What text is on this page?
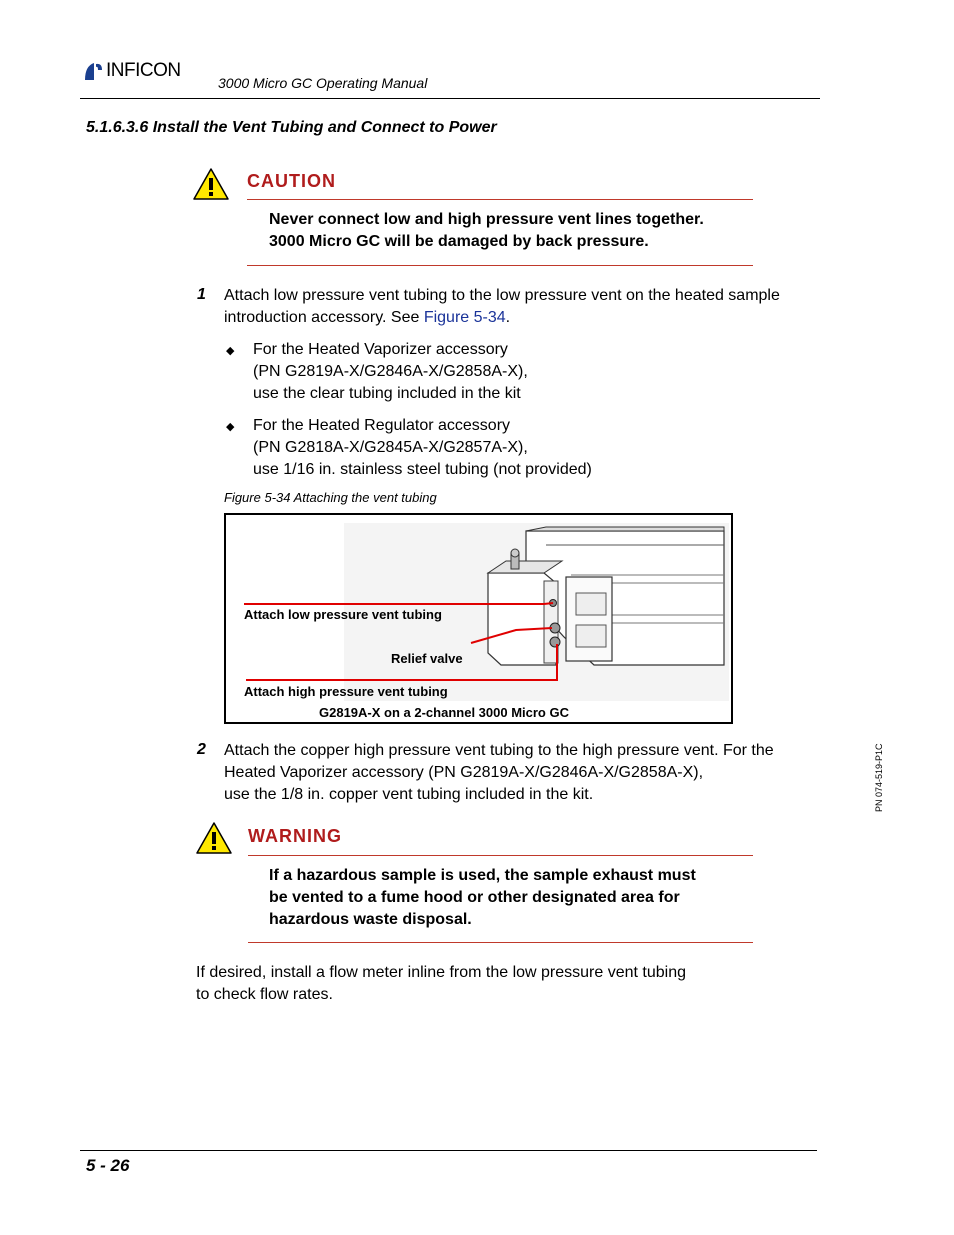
INFICON
3000 Micro GC Operating Manual
5.1.6.3.6 Install the Vent Tubing and Connect to Power
CAUTION
Never connect low and high pressure vent lines together.
3000 Micro GC will be damaged by back pressure.
1 Attach low pressure vent tubing to the low pressure vent on the heated sample
introduction accessory. See Figure 5-34.
◆ For the Heated Vaporizer accessory
(PN G2819A-X/G2846A-X/G2858A-X),
use the clear tubing included in the kit
◆ For the Heated Regulator accessory
(PN G2818A-X/G2845A-X/G2857A-X),
use 1/16 in. stainless steel tubing (not provided)
Figure 5-34 Attaching the vent tubing
Attach low pressure vent tubing
Relief valve
Attach high pressure vent tubing
G2819A-X on a 2-channel 3000 Micro GC
2 Attach the copper high pressure vent tubing to the high pressure vent. For the
Heated Vaporizer accessory (PN G2819A-X/G2846A-X/G2858A-X),
use the 1/8 in. copper vent tubing included in the kit.
WARNING
If a hazardous sample is used, the sample exhaust must
be vented to a fume hood or other designated area for
hazardous waste disposal.
If desired, install a flow meter inline from the low pressure vent tubing
to check flow rates.
PN 074-519-P1C
5 - 26
